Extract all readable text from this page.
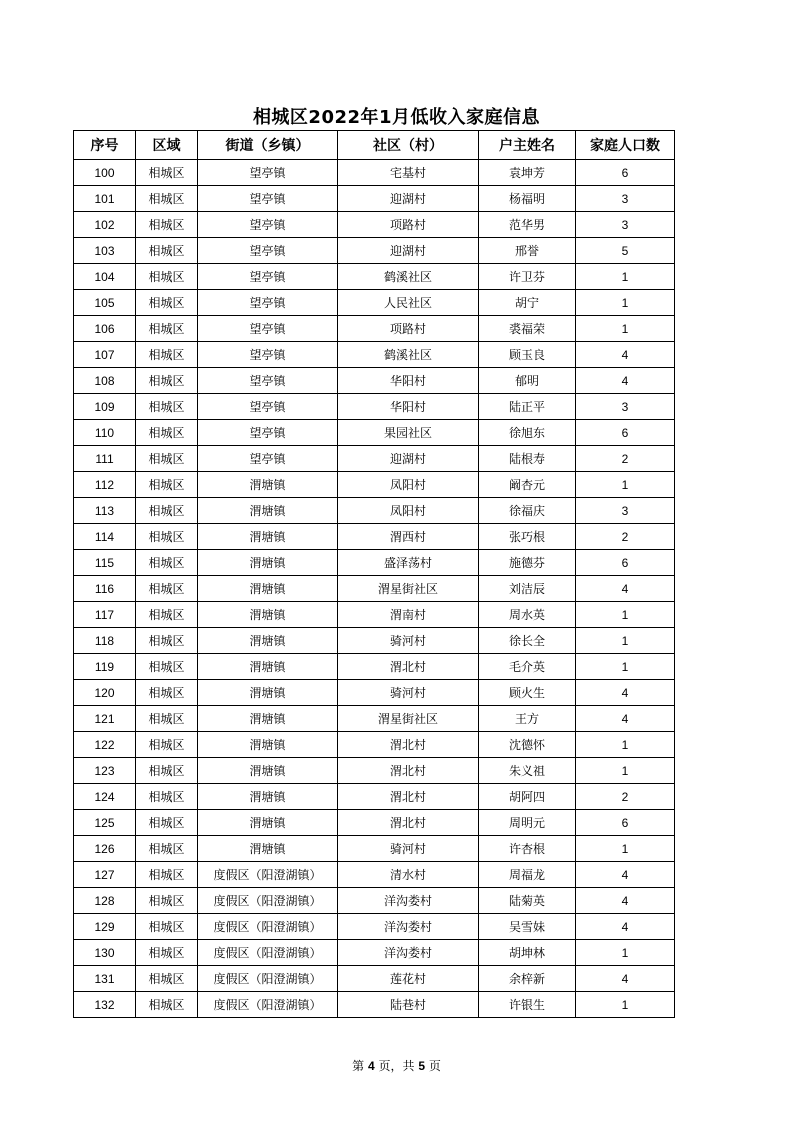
相城区2022年1月低收入家庭信息
序号	区域	街道（乡镇）	社区（村）	户主姓名	家庭人口数
100	相城区	望亭镇	宅基村	袁坤芳	6
101	相城区	望亭镇	迎湖村	杨福明	3
102	相城区	望亭镇	项路村	范华男	3
103	相城区	望亭镇	迎湖村	邢誉	5
104	相城区	望亭镇	鹤溪社区	许卫芬	1
105	相城区	望亭镇	人民社区	胡宁	1
106	相城区	望亭镇	项路村	裘福荣	1
107	相城区	望亭镇	鹤溪社区	顾玉良	4
108	相城区	望亭镇	华阳村	郁明	4
109	相城区	望亭镇	华阳村	陆正平	3
110	相城区	望亭镇	果园社区	徐旭东	6
111	相城区	望亭镇	迎湖村	陆根寿	2
112	相城区	渭塘镇	凤阳村	阚杏元	1
113	相城区	渭塘镇	凤阳村	徐福庆	3
114	相城区	渭塘镇	渭西村	张巧根	2
115	相城区	渭塘镇	盛泽荡村	施德芬	6
116	相城区	渭塘镇	渭星街社区	刘洁辰	4
117	相城区	渭塘镇	渭南村	周水英	1
118	相城区	渭塘镇	骑河村	徐长全	1
119	相城区	渭塘镇	渭北村	毛介英	1
120	相城区	渭塘镇	骑河村	顾火生	4
121	相城区	渭塘镇	渭星街社区	王方	4
122	相城区	渭塘镇	渭北村	沈德怀	1
123	相城区	渭塘镇	渭北村	朱义祖	1
124	相城区	渭塘镇	渭北村	胡阿四	2
125	相城区	渭塘镇	渭北村	周明元	6
126	相城区	渭塘镇	骑河村	许杏根	1
127	相城区	度假区（阳澄湖镇）	清水村	周福龙	4
128	相城区	度假区（阳澄湖镇）	洋沟娄村	陆菊英	4
129	相城区	度假区（阳澄湖镇）	洋沟娄村	吴雪妹	4
130	相城区	度假区（阳澄湖镇）	洋沟娄村	胡坤林	1
131	相城区	度假区（阳澄湖镇）	莲花村	余梓新	4
132	相城区	度假区（阳澄湖镇）	陆巷村	许银生	1
第 4 页，共 5 页
